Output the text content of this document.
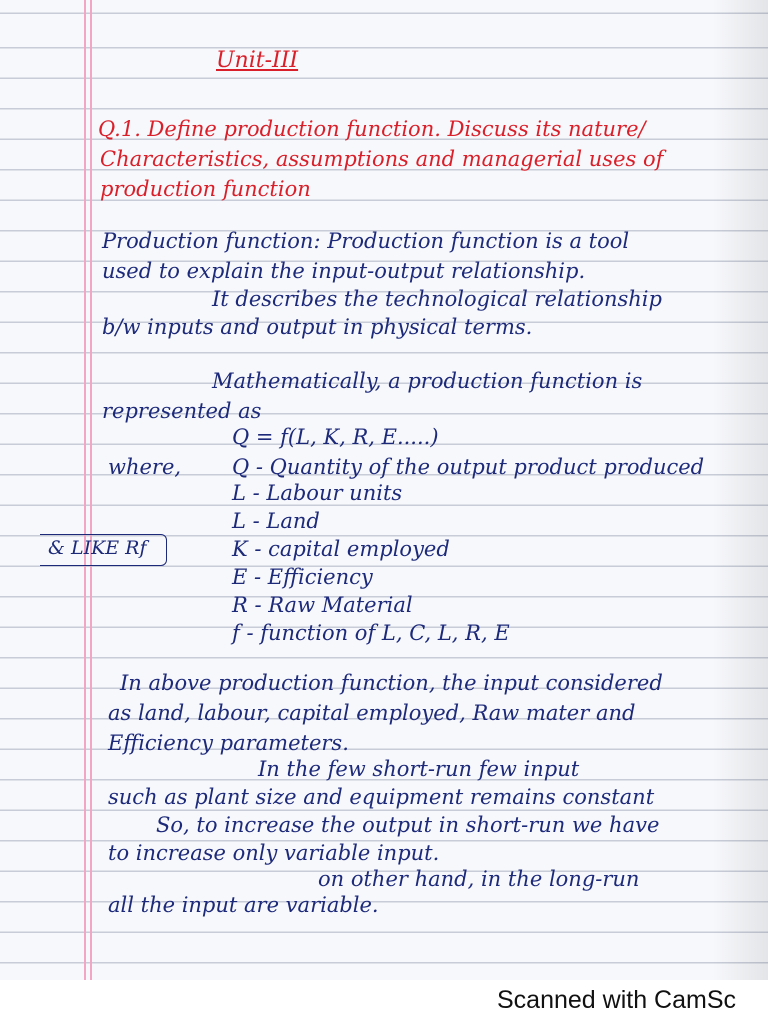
Unit-III
Q.1. Define production function. Discuss its nature/
Characteristics, assumptions and managerial uses of
production function
Production function: Production function is a tool
used to explain the input-output relationship.
It describes the technological relationship
b/w inputs and output in physical terms.
Mathematically, a production function is
represented as
Q = f(L, K, R, E.....)
where, Q - Quantity of the output product produced
L - Labour units
L - Land
K - capital employed
E - Efficiency
R - Raw Material
f - function of L, C, L, R, E
& LIKE Rf
In above production function, the input considered
as land, labour, capital employed, Raw mater and
Efficiency parameters.
In the few short-run few input
such as plant size and equipment remains constant
So, to increase the output in short-run we have
to increase only variable input.
on other hand, in the long-run
all the input are variable.
Scanned with CamSc
